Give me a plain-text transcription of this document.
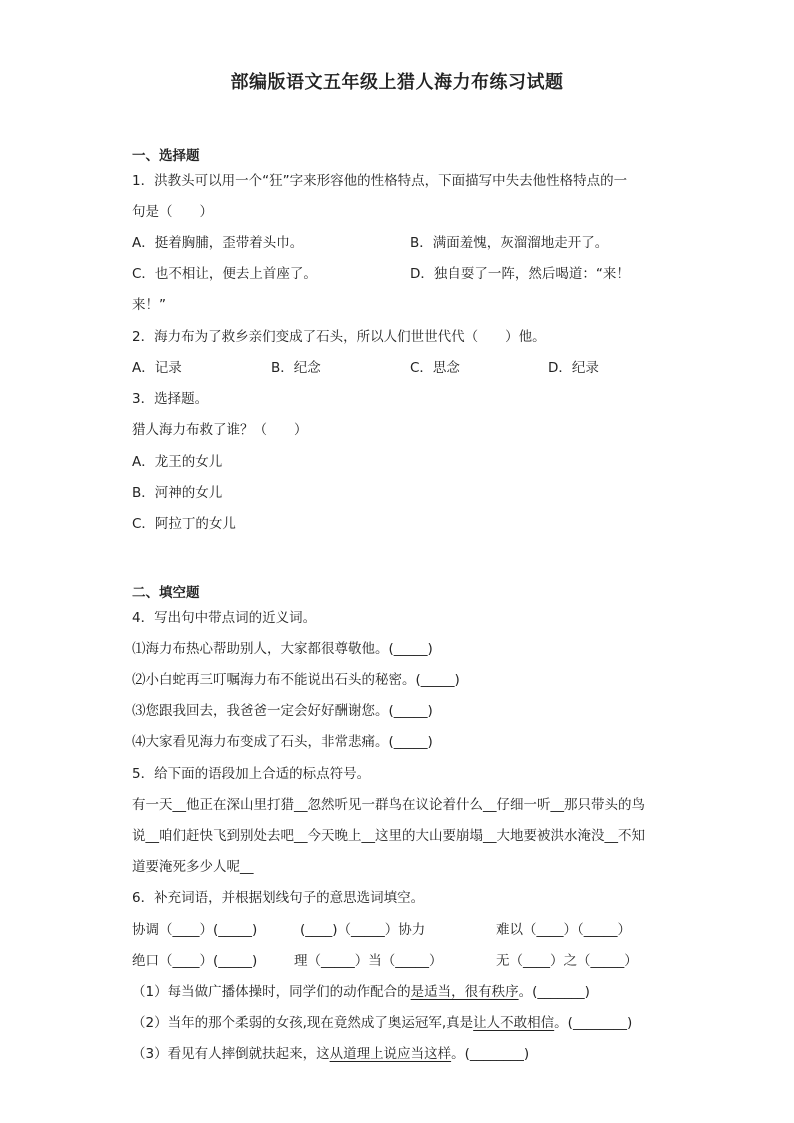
部编版语文五年级上猎人海力布练习试题
一、选择题
1．洪教头可以用一个“狂”字来形容他的性格特点，下面描写中失去他性格特点的一
句是（　　）
A．挺着胸脯，歪带着头巾。	B．满面羞愧，灰溜溜地走开了。
C．也不相让，便去上首座了。	D．独自耍了一阵，然后喝道：“来！
来！”
2．海力布为了救乡亲们变成了石头，所以人们世世代代（　　）他。
A．记录	B．纪念	C．思念	D．纪录
3．选择题。
猎人海力布救了谁？（　　）
A．龙王的女儿
B．河神的女儿
C．阿拉丁的女儿
二、填空题
4．写出句中带点词的近义词。
⑴海力布热心帮助别人，大家都很尊敬他。(_____)
⑵小白蛇再三叮嘱海力布不能说出石头的秘密。(_____)
⑶您跟我回去，我爸爸一定会好好酬谢您。(_____)
⑷大家看见海力布变成了石头，非常悲痛。(_____)
5．给下面的语段加上合适的标点符号。
有一天__他正在深山里打猎__忽然听见一群鸟在议论着什么__仔细一听__那只带头的鸟
说__咱们赶快飞到别处去吧__今天晚上__这里的大山要崩塌__大地要被洪水淹没__不知
道要淹死多少人呢__
6．补充词语，并根据划线句子的意思选词填空。
协调（____）(_____)	(____)（_____）协力	难以（____）（_____）
绝口（____）(_____)	理（_____）当（_____）	无（____）之（_____）
（1）每当做广播体操时，同学们的动作配合的是适当，很有秩序。(_______)
（2）当年的那个柔弱的女孩,现在竟然成了奥运冠军,真是让人不敢相信。(________)
（3）看见有人摔倒就扶起来，这从道理上说应当这样。(________)
